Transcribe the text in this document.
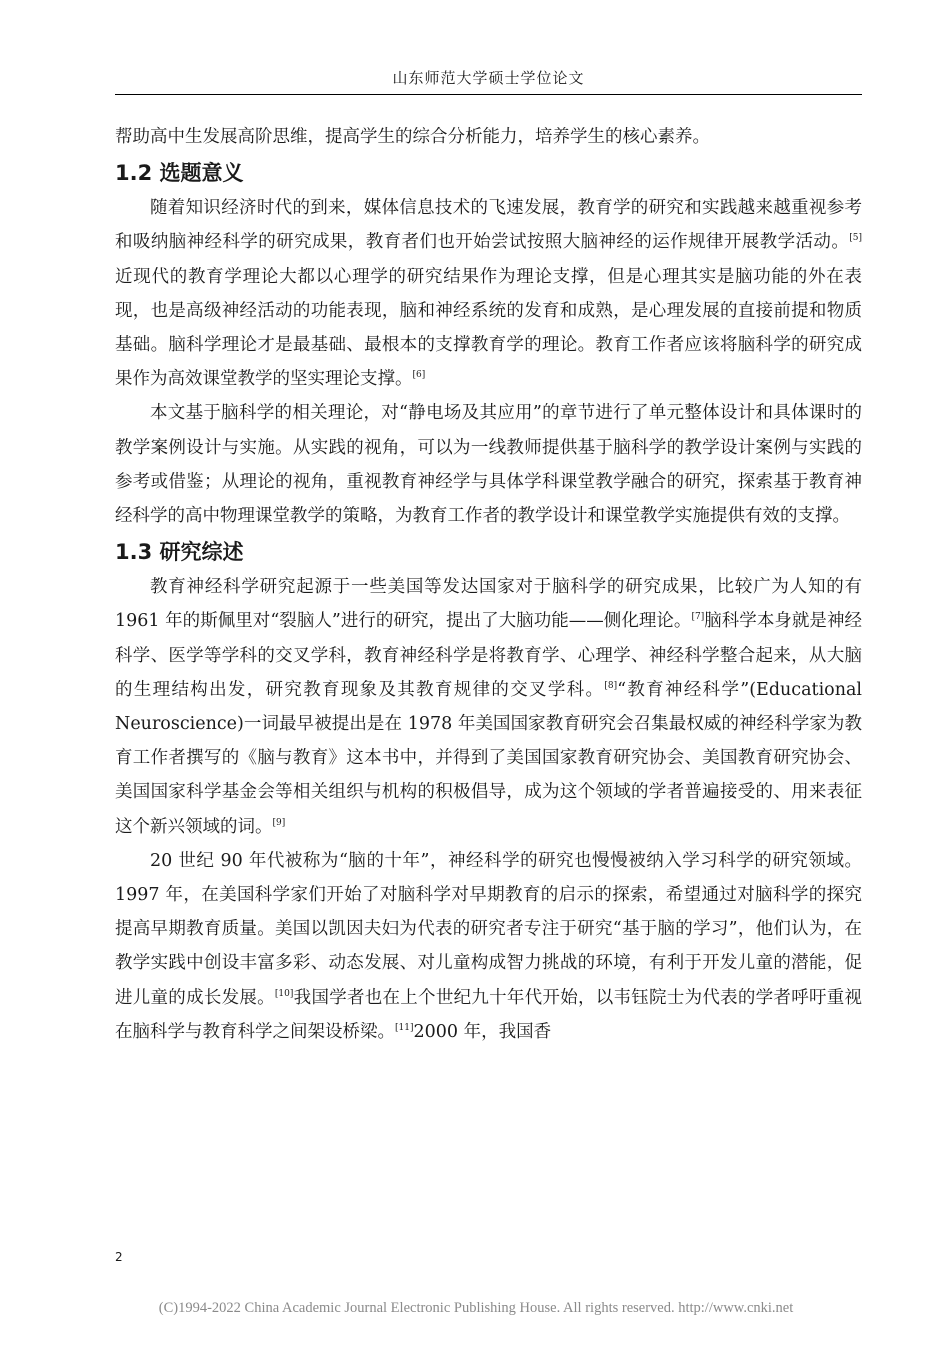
山东师范大学硕士学位论文

帮助高中生发展高阶思维，提高学生的综合分析能力，培养学生的核心素养。

1.2 选题意义

随着知识经济时代的到来，媒体信息技术的飞速发展，教育学的研究和实践越来越重视参考和吸纳脑神经科学的研究成果，教育者们也开始尝试按照大脑神经的运作规律开展教学活动。[5]近现代的教育学理论大都以心理学的研究结果作为理论支撑，但是心理其实是脑功能的外在表现，也是高级神经活动的功能表现，脑和神经系统的发育和成熟，是心理发展的直接前提和物质基础。脑科学理论才是最基础、最根本的支撑教育学的理论。教育工作者应该将脑科学的研究成果作为高效课堂教学的坚实理论支撑。[6]

本文基于脑科学的相关理论，对“静电场及其应用”的章节进行了单元整体设计和具体课时的教学案例设计与实施。从实践的视角，可以为一线教师提供基于脑科学的教学设计案例与实践的参考或借鉴；从理论的视角，重视教育神经学与具体学科课堂教学融合的研究，探索基于教育神经科学的高中物理课堂教学的策略，为教育工作者的教学设计和课堂教学实施提供有效的支撑。

1.3 研究综述

教育神经科学研究起源于一些美国等发达国家对于脑科学的研究成果，比较广为人知的有 1961 年的斯佩里对“裂脑人”进行的研究，提出了大脑功能——侧化理论。[7]脑科学本身就是神经科学、医学等学科的交叉学科，教育神经科学是将教育学、心理学、神经科学整合起来，从大脑的生理结构出发，研究教育现象及其教育规律的交叉学科。[8]“教育神经科学”(Educational Neuroscience)一词最早被提出是在 1978 年美国国家教育研究会召集最权威的神经科学家为教育工作者撰写的《脑与教育》这本书中，并得到了美国国家教育研究协会、美国教育研究协会、美国国家科学基金会等相关组织与机构的积极倡导，成为这个领域的学者普遍接受的、用来表征这个新兴领域的词。[9]

20 世纪 90 年代被称为“脑的十年”，神经科学的研究也慢慢被纳入学习科学的研究领域。1997 年，在美国科学家们开始了对脑科学对早期教育的启示的探索，希望通过对脑科学的探究提高早期教育质量。美国以凯因夫妇为代表的研究者专注于研究“基于脑的学习”，他们认为，在教学实践中创设丰富多彩、动态发展、对儿童构成智力挑战的环境，有利于开发儿童的潜能，促进儿童的成长发展。[10]我国学者也在上个世纪九十年代开始，以韦钰院士为代表的学者呼吁重视在脑科学与教育科学之间架设桥梁。[11]2000 年，我国香

2
(C)1994-2022 China Academic Journal Electronic Publishing House. All rights reserved. http://www.cnki.net
